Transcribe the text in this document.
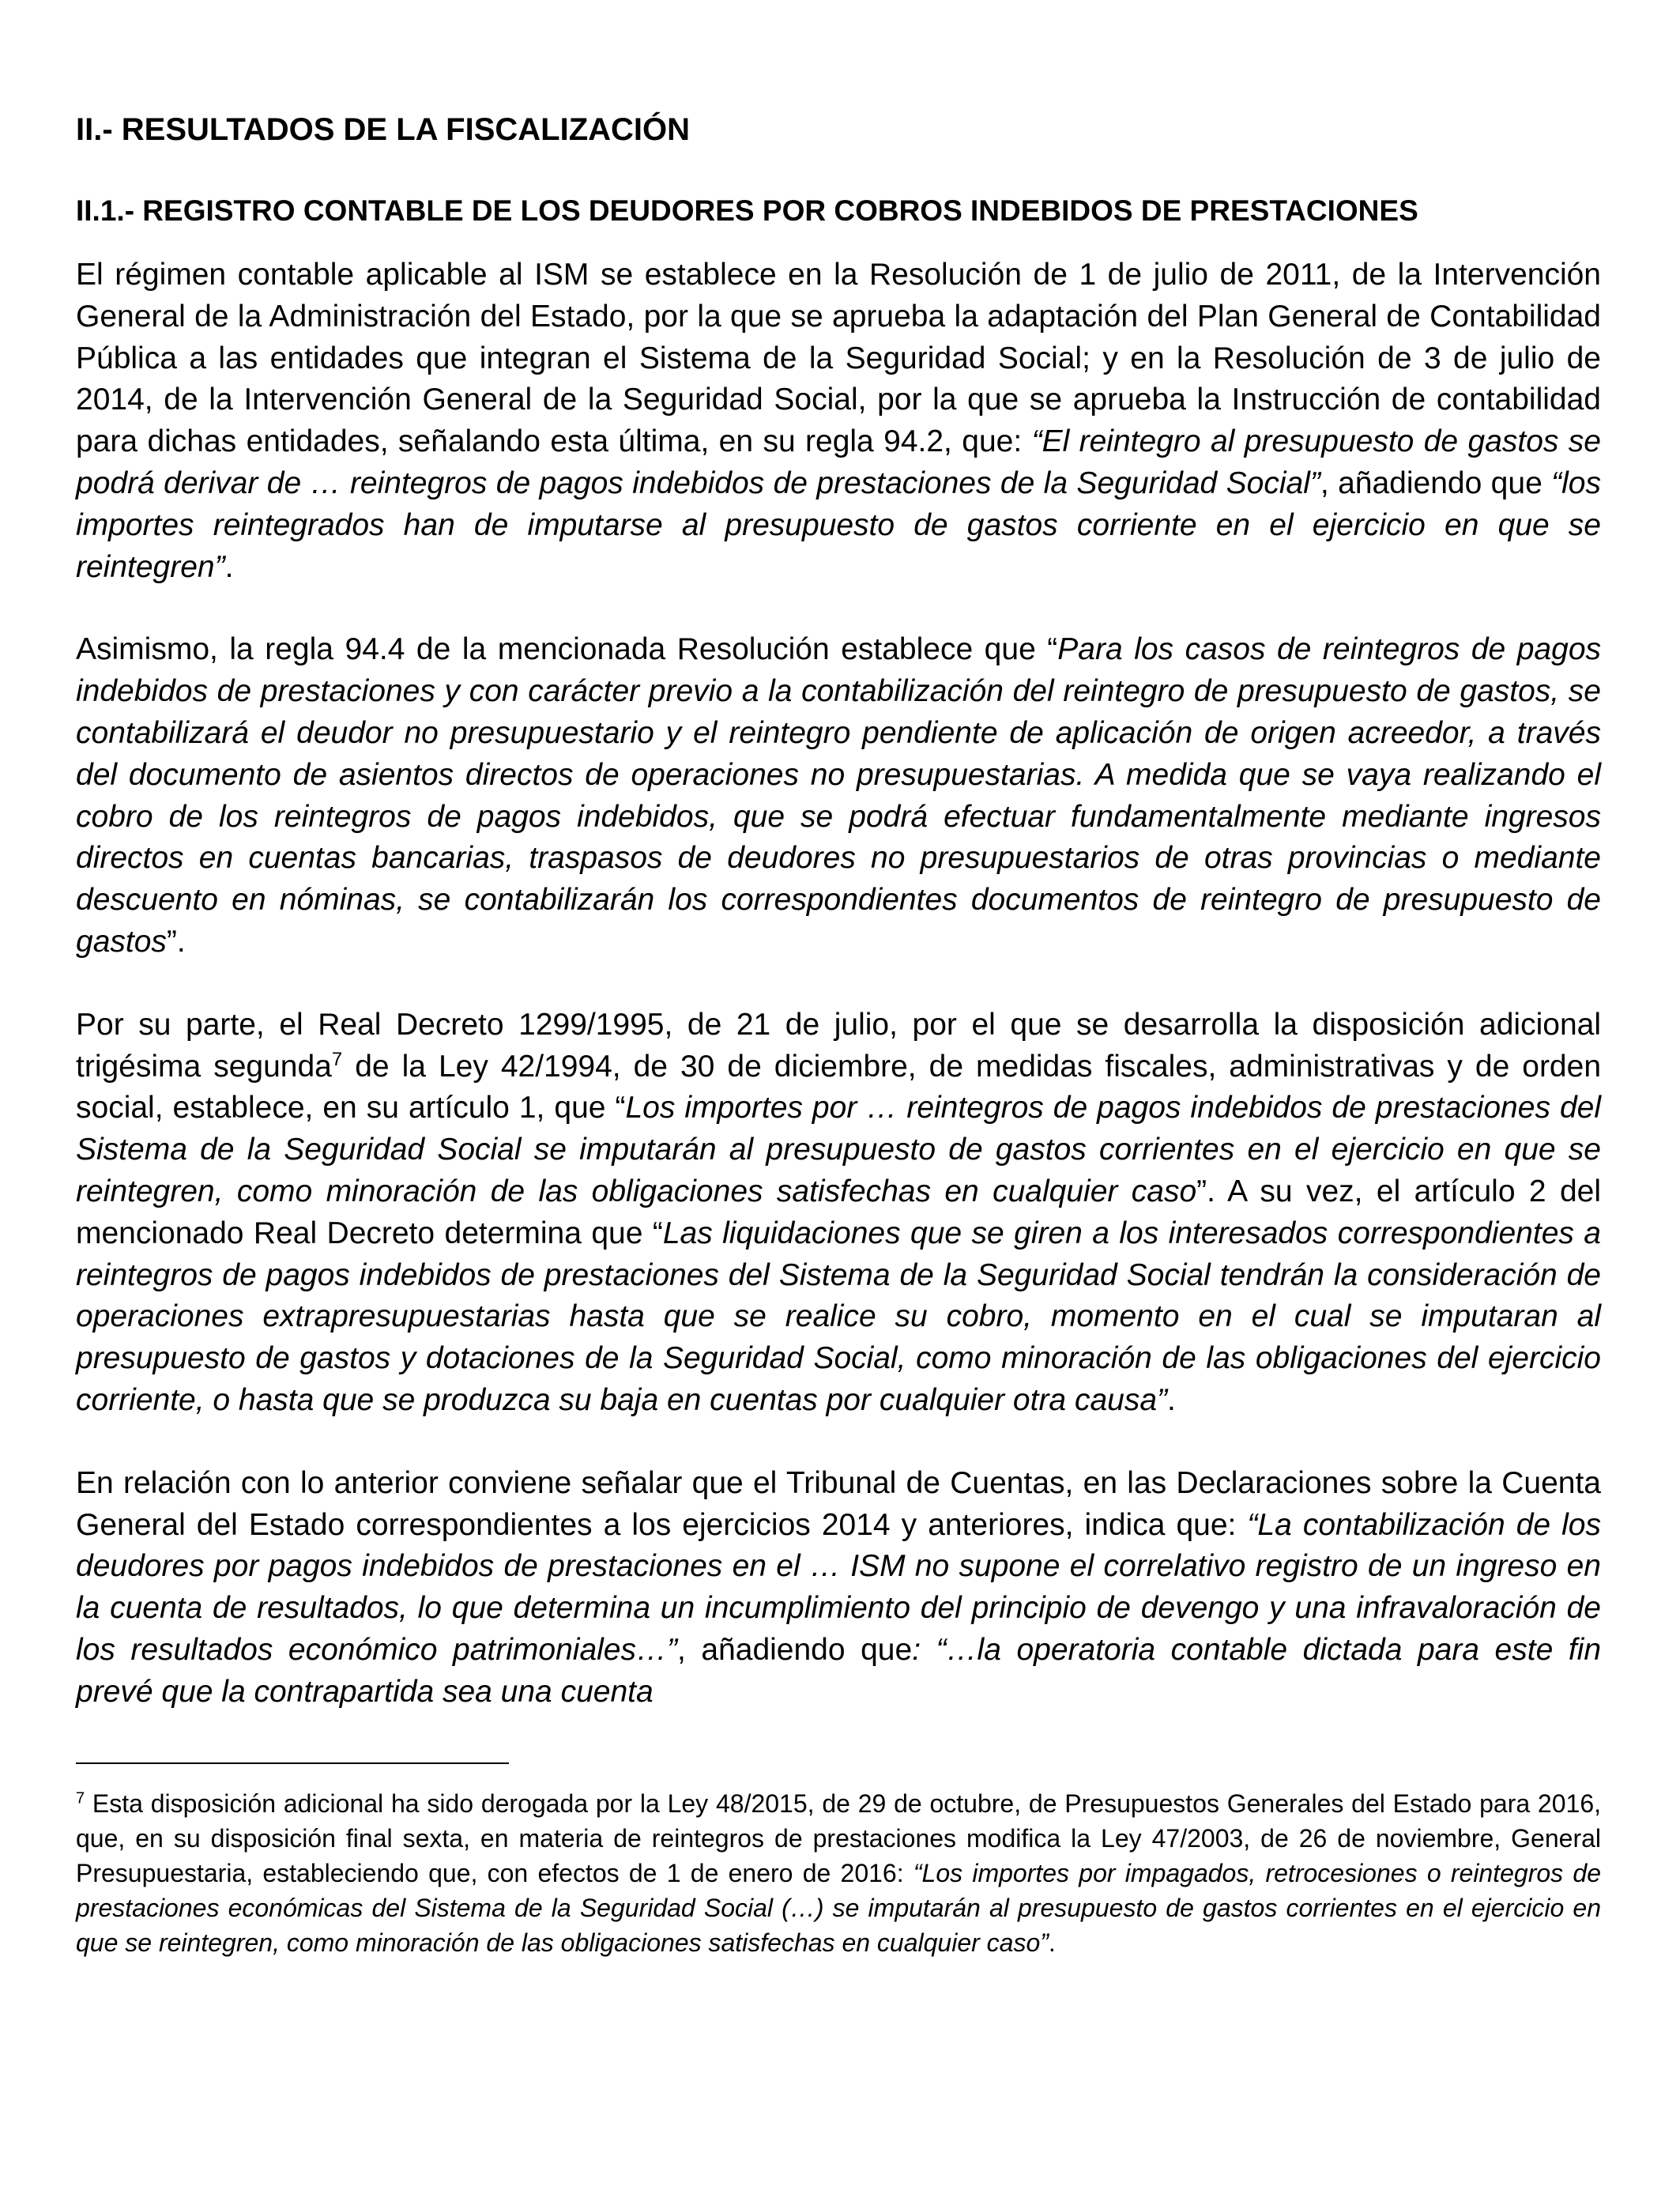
II.- RESULTADOS DE LA FISCALIZACIÓN
II.1.- REGISTRO CONTABLE DE LOS DEUDORES POR COBROS INDEBIDOS DE PRESTACIONES

El régimen contable aplicable al ISM se establece en la Resolución de 1 de julio de 2011, de la Intervención General de la Administración del Estado, por la que se aprueba la adaptación del Plan General de Contabilidad Pública a las entidades que integran el Sistema de la Seguridad Social; y en la Resolución de 3 de julio de 2014, de la Intervención General de la Seguridad Social, por la que se aprueba la Instrucción de contabilidad para dichas entidades, señalando esta última, en su regla 94.2, que: “El reintegro al presupuesto de gastos se podrá derivar de … reintegros de pagos indebidos de prestaciones de la Seguridad Social”, añadiendo que “los importes reintegrados han de imputarse al presupuesto de gastos corriente en el ejercicio en que se reintegren”.

Asimismo, la regla 94.4 de la mencionada Resolución establece que “Para los casos de reintegros de pagos indebidos de prestaciones y con carácter previo a la contabilización del reintegro de presupuesto de gastos, se contabilizará el deudor no presupuestario y el reintegro pendiente de aplicación de origen acreedor, a través del documento de asientos directos de operaciones no presupuestarias. A medida que se vaya realizando el cobro de los reintegros de pagos indebidos, que se podrá efectuar fundamentalmente mediante ingresos directos en cuentas bancarias, traspasos de deudores no presupuestarios de otras provincias o mediante descuento en nóminas, se contabilizarán los correspondientes documentos de reintegro de presupuesto de gastos”.

Por su parte, el Real Decreto 1299/1995, de 21 de julio, por el que se desarrolla la disposición adicional trigésima segunda$^7$ de la Ley 42/1994, de 30 de diciembre, de medidas fiscales, administrativas y de orden social, establece, en su artículo 1, que “Los importes por … reintegros de pagos indebidos de prestaciones del Sistema de la Seguridad Social se imputarán al presupuesto de gastos corrientes en el ejercicio en que se reintegren, como minoración de las obligaciones satisfechas en cualquier caso”. A su vez, el artículo 2 del mencionado Real Decreto determina que “Las liquidaciones que se giren a los interesados correspondientes a reintegros de pagos indebidos de prestaciones del Sistema de la Seguridad Social tendrán la consideración de operaciones extrapresupuestarias hasta que se realice su cobro, momento en el cual se imputaran al presupuesto de gastos y dotaciones de la Seguridad Social, como minoración de las obligaciones del ejercicio corriente, o hasta que se produzca su baja en cuentas por cualquier otra causa”.

En relación con lo anterior conviene señalar que el Tribunal de Cuentas, en las Declaraciones sobre la Cuenta General del Estado correspondientes a los ejercicios 2014 y anteriores, indica que: “La contabilización de los deudores por pagos indebidos de prestaciones en el … ISM no supone el correlativo registro de un ingreso en la cuenta de resultados, lo que determina un incumplimiento del principio de devengo y una infravaloración de los resultados económico patrimoniales…”, añadiendo que: “…la operatoria contable dictada para este fin prevé que la contrapartida sea una cuenta

$^7$ Esta disposición adicional ha sido derogada por la Ley 48/2015, de 29 de octubre, de Presupuestos Generales del Estado para 2016, que, en su disposición final sexta, en materia de reintegros de prestaciones modifica la Ley 47/2003, de 26 de noviembre, General Presupuestaria, estableciendo que, con efectos de 1 de enero de 2016: “Los importes por impagados, retrocesiones o reintegros de prestaciones económicas del Sistema de la Seguridad Social (…) se imputarán al presupuesto de gastos corrientes en el ejercicio en que se reintegren, como minoración de las obligaciones satisfechas en cualquier caso”.
